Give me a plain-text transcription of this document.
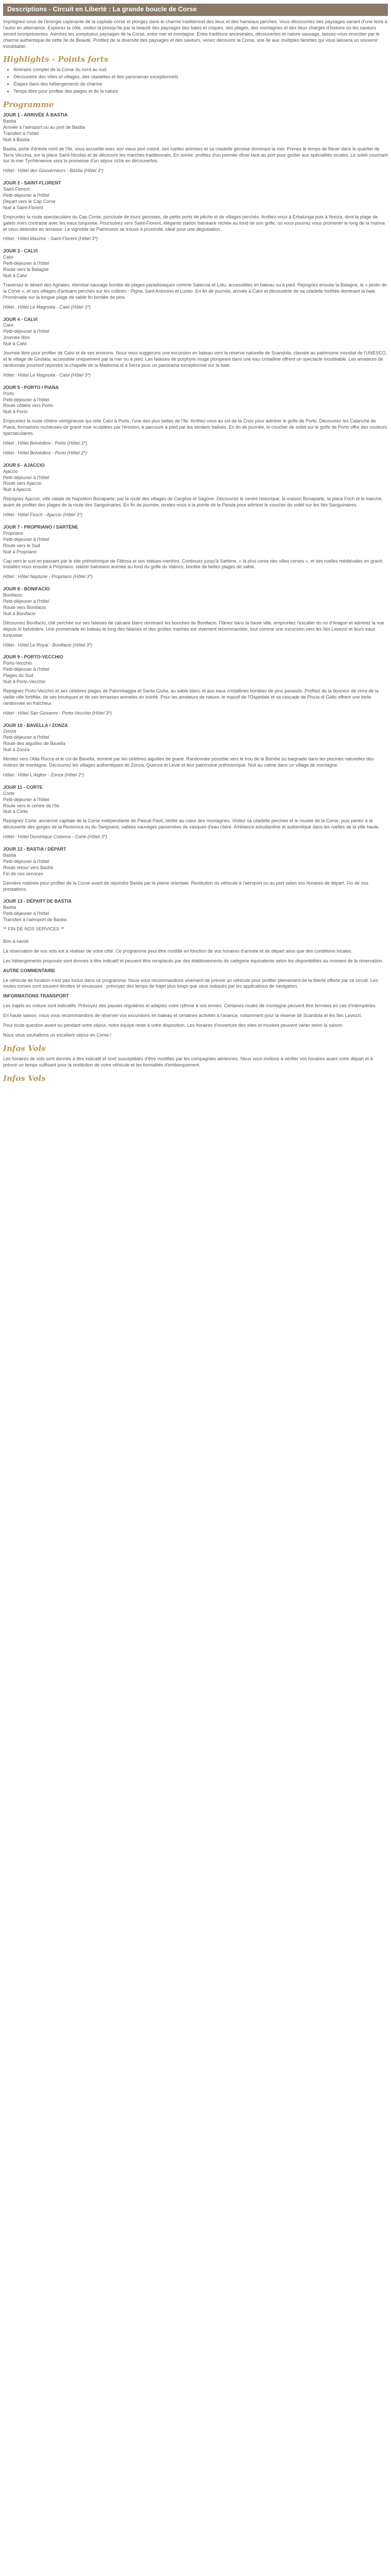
Descriptions - Circuit en Liberté : La grande boucle de Corse

Imprégnez-vous de l'énergie captivante de la capitale corse et plongez dans le charme traditionnel des lieux et des hameaux perchés. Vous découvrirez des paysages variant d'une terre à l'autre en alternance. Explorez la côte, visitez la presqu'île par la beauté des paysages des baies et criques, des plages, des montagnes et des lieux chargés d'histoire où les saveurs seront omniprésentes. Admirez les somptueux paysages de la Corse, entre mer et montagne. Entre traditions ancestrales, découvertes et nature sauvage, laissez-vous envoûter par le charme authentique de cette île de Beauté. Profitez de la diversité des paysages et des saveurs, venez découvrir la Corse, une île aux multiples facettes qui vous laissera un souvenir inoubliable.

Highlights - Points forts
• Itinéraire complet de la Corse du nord au sud
• Découverte des villes et villages, des citadelles et des panoramas exceptionnels
• Étapes dans des hébergements de charme
• Temps libre pour profiter des plages et de la nature
Programme
JOUR 1 - ARRIVÉE À BASTIA
Bastia
Arrivée à l'aéroport ou au port de Bastia
Transfert à l'hôtel
Nuit à Bastia

Bastia, porte d'entrée nord de l'île, vous accueille avec son vieux port coloré, ses ruelles animées et sa citadelle génoise dominant la mer. Prenez le temps de flâner dans le quartier de Terra Vecchia, sur la place Saint-Nicolas et de découvrir les marchés traditionnels. En soirée, profitez d'un premier dîner face au port pour goûter aux spécialités locales. Le soleil couchant sur la mer Tyrrhénienne sera la promesse d'un séjour riche en découvertes.

Hôtel : Hôtel des Gouverneurs - Bastia (Hôtel 3*)
JOUR 2 - SAINT-FLORENT
Saint-Florent
Petit-déjeuner à l'hôtel
Départ vers le Cap Corse
Nuit à Saint-Florent

Empruntez la route spectaculaire du Cap Corse, ponctuée de tours génoises, de petits ports de pêche et de villages perchés. Arrêtez-vous à Erbalunga puis à Nonza, dont la plage de galets noirs contraste avec les eaux turquoise. Poursuivez vers Saint-Florent, élégante station balnéaire nichée au fond de son golfe, où vous pourrez vous promener le long de la marina et vous détendre en terrasse. Le vignoble de Patrimonio se trouve à proximité, idéal pour une dégustation.

Hôtel : Hôtel Maxime - Saint-Florent (Hôtel 3*)
JOUR 3 - CALVI
Calvi
Petit-déjeuner à l'hôtel
Route vers la Balagne
Nuit à Calvi

Traversez le désert des Agriates, étendue sauvage bordée de plages paradisiaques comme Saleccia et Lotu, accessibles en bateau ou à pied. Rejoignez ensuite la Balagne, le « jardin de la Corse », et ses villages d'artisans perchés sur les collines : Pigna, Sant'Antonino et Lumio. En fin de journée, arrivée à Calvi et découverte de sa citadelle fortifiée dominant la baie. Promenade sur la longue plage de sable fin bordée de pins.

Hôtel : Hôtel Le Magnolia - Calvi (Hôtel 3*)
JOUR 4 - CALVI
Calvi
Petit-déjeuner à l'hôtel
Journée libre
Nuit à Calvi

Journée libre pour profiter de Calvi et de ses environs. Nous vous suggérons une excursion en bateau vers la réserve naturelle de Scandola, classée au patrimoine mondial de l'UNESCO, et le village de Girolata, accessible uniquement par la mer ou à pied. Les falaises de porphyre rouge plongeant dans une eau cristalline offrent un spectacle inoubliable. Les amateurs de randonnée pourront rejoindre la chapelle de la Madonna di a Serra pour un panorama exceptionnel sur la baie.

Hôtel : Hôtel Le Magnolia - Calvi (Hôtel 3*)
JOUR 5 - PORTO / PIANA
Porto
Petit-déjeuner à l'hôtel
Route côtière vers Porto
Nuit à Porto

Empruntez la route côtière vertigineuse qui relie Calvi à Porto, l'une des plus belles de l'île. Arrêtez-vous au col de la Croix pour admirer le golfe de Porto. Découvrez les Calanche de Piana, formations rocheuses de granit rose sculptées par l'érosion, à parcourir à pied par les sentiers balisés. En fin de journée, le coucher de soleil sur le golfe de Porto offre des couleurs spectaculaires.

Hôtel : Hôtel Belvédère - Porto (Hôtel 2*)

Hôtel : Hôtel Belvédère - Porto (Hôtel 2*)
JOUR 6 - AJACCIO
Ajaccio
Petit-déjeuner à l'hôtel
Route vers Ajaccio
Nuit à Ajaccio

Rejoignez Ajaccio, ville natale de Napoléon Bonaparte, par la route des villages de Cargèse et Sagone. Découvrez le centre historique, la maison Bonaparte, la place Foch et le marché, avant de profiter des plages de la route des Sanguinaires. En fin de journée, rendez-vous à la pointe de la Parata pour admirer le coucher du soleil sur les îles Sanguinaires.

Hôtel : Hôtel Fesch - Ajaccio (Hôtel 3*)
JOUR 7 - PROPRIANO / SARTÈNE
Propriano
Petit-déjeuner à l'hôtel
Route vers le Sud
Nuit à Propriano

Cap vers le sud en passant par le site préhistorique de Filitosa et ses statues-menhirs. Continuez jusqu'à Sartène, « la plus corse des villes corses », et ses ruelles médiévales en granit. Installez-vous ensuite à Propriano, station balnéaire animée au fond du golfe du Valinco, bordée de belles plages de sable.

Hôtel : Hôtel Neptune - Propriano (Hôtel 3*)
JOUR 8 - BONIFACIO
Bonifacio
Petit-déjeuner à l'hôtel
Route vers Bonifacio
Nuit à Bonifacio

Découvrez Bonifacio, cité perchée sur ses falaises de calcaire blanc dominant les bouches de Bonifacio. Flânez dans la haute ville, empruntez l'escalier du roi d'Aragon et admirez la vue depuis le belvédère. Une promenade en bateau le long des falaises et des grottes marines est vivement recommandée, tout comme une excursion vers les îles Lavezzi et leurs eaux turquoise.

Hôtel : Hôtel Le Royal - Bonifacio (Hôtel 3*)
JOUR 9 - PORTO-VECCHIO
Porto-Vecchio
Petit-déjeuner à l'hôtel
Plages du Sud
Nuit à Porto-Vecchio

Rejoignez Porto-Vecchio et ses célèbres plages de Palombaggia et Santa Giulia, au sable blanc et aux eaux cristallines bordées de pins parasols. Profitez de la douceur de vivre de la vieille ville fortifiée, de ses boutiques et de ses terrasses animées en soirée. Pour les amateurs de nature, le massif de l'Ospédale et sa cascade de Piscia di Gallo offrent une belle randonnée en fraîcheur.

Hôtel : Hôtel San Giovanni - Porto-Vecchio (Hôtel 3*)
JOUR 10 - BAVELLA / ZONZA
Zonza
Petit-déjeuner à l'hôtel
Route des aiguilles de Bavella
Nuit à Zonza

Montez vers l'Alta Rocca et le col de Bavella, dominé par les célèbres aiguilles de granit. Randonnée possible vers le trou de la Bombe ou baignade dans les piscines naturelles des rivières de montagne. Découvrez les villages authentiques de Zonza, Quenza et Levie et leur patrimoine préhistorique. Nuit au calme dans un village de montagne.

Hôtel : Hôtel L'Aiglon - Zonza (Hôtel 2*)
JOUR 11 - CORTE
Corte
Petit-déjeuner à l'hôtel
Route vers le centre de l'île
Nuit à Corte

Rejoignez Corte, ancienne capitale de la Corse indépendante de Pascal Paoli, blottie au cœur des montagnes. Visitez sa citadelle perchée et le musée de la Corse, puis partez à la découverte des gorges de la Restonica ou du Tavignano, vallées sauvages parsemées de vasques d'eau claire. Ambiance estudiantine et authentique dans les ruelles de la ville haute.

Hôtel : Hôtel Dominique Colonna - Corte (Hôtel 3*)
JOUR 12 - BASTIA / DÉPART
Bastia
Petit-déjeuner à l'hôtel
Route retour vers Bastia
Fin de nos services

Dernière matinée pour profiter de la Corse avant de rejoindre Bastia par la plaine orientale. Restitution du véhicule à l'aéroport ou au port selon vos horaires de départ. Fin de nos prestations.

JOUR 13 - DÉPART DE BASTIA
Bastia
Petit-déjeuner à l'hôtel
Transfert à l'aéroport de Bastia

** FIN DE NOS SERVICES **

Bon à savoir

La réservation de vos vols est à réaliser de votre côté. Ce programme peut être modifié en fonction de vos horaires d'arrivée et de départ ainsi que des conditions locales.

Les hébergements proposés sont donnés à titre indicatif et peuvent être remplacés par des établissements de catégorie équivalente selon les disponibilités au moment de la réservation.

AUTRE COMMENTAIRE

Le véhicule de location n'est pas inclus dans ce programme. Nous vous recommandons vivement de prévoir un véhicule pour profiter pleinement de la liberté offerte par ce circuit. Les routes corses sont souvent étroites et sinueuses : prévoyez des temps de trajet plus longs que ceux indiqués par les applications de navigation.

INFORMATIONS TRANSPORT

Les trajets en voiture sont indicatifs. Prévoyez des pauses régulières et adaptez votre rythme à vos envies. Certaines routes de montagne peuvent être fermées en cas d'intempéries.

En haute saison, nous vous recommandons de réserver vos excursions en bateau et certaines activités à l'avance, notamment pour la réserve de Scandola et les îles Lavezzi.

Pour toute question avant ou pendant votre séjour, notre équipe reste à votre disposition. Les horaires d'ouverture des sites et musées peuvent varier selon la saison.

Nous vous souhaitons un excellent séjour en Corse !

Infos Vols

Les horaires de vols sont donnés à titre indicatif et sont susceptibles d'être modifiés par les compagnies aériennes. Nous vous invitons à vérifier vos horaires avant votre départ et à prévoir un temps suffisant pour la restitution de votre véhicule et les formalités d'embarquement.

Infos Vols
